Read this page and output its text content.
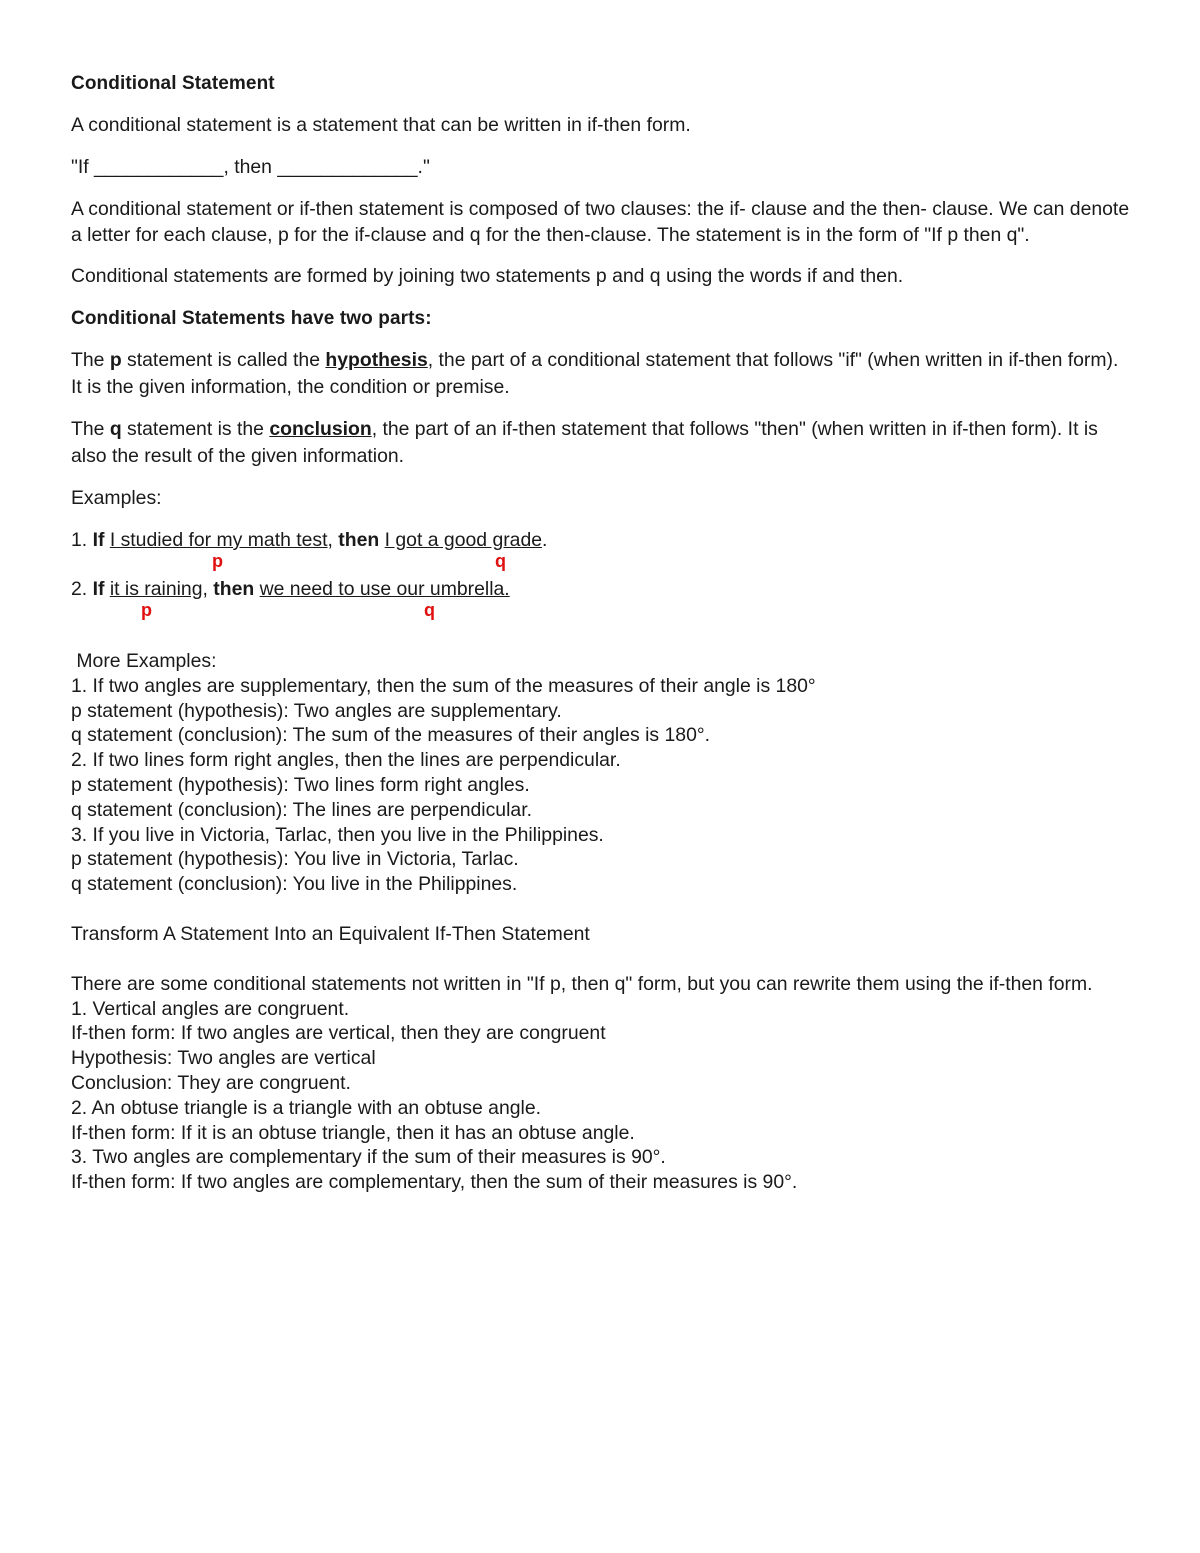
Conditional Statement

A conditional statement is a statement that can be written in if-then form.

"If ____________, then _____________."

A conditional statement or if-then statement is composed of two clauses: the if- clause and the then- clause. We can denote a letter for each clause, p for the if-clause and q for the then-clause. The statement is in the form of "If p then q".

Conditional statements are formed by joining two statements p and q using the words if and then.

Conditional Statements have two parts:

The p statement is called the hypothesis, the part of a conditional statement that follows "if" (when written in if-then form). It is the given information, the condition or premise.

The q statement is the conclusion, the part of an if-then statement that follows "then" (when written in if-then form). It is also the result of the given information.

Examples:

1. If I studied for my math test, then I got a good grade.

p	q

2. If it is raining, then we need to use our umbrella.

p	q

More Examples:

1. If two angles are supplementary, then the sum of the measures of their angle is 180°

p statement (hypothesis): Two angles are supplementary.

q statement (conclusion): The sum of the measures of their angles is 180°.

2. If two lines form right angles, then the lines are perpendicular.

p statement (hypothesis): Two lines form right angles.

q statement (conclusion): The lines are perpendicular.

3. If you live in Victoria, Tarlac, then you live in the Philippines.

p statement (hypothesis): You live in Victoria, Tarlac.

q statement (conclusion): You live in the Philippines.

Transform A Statement Into an Equivalent If-Then Statement

There are some conditional statements not written in "If p, then q" form, but you can rewrite them using the if-then form.

1. Vertical angles are congruent.

If-then form: If two angles are vertical, then they are congruent

Hypothesis: Two angles are vertical

Conclusion: They are congruent.

2. An obtuse triangle is a triangle with an obtuse angle.

If-then form: If it is an obtuse triangle, then it has an obtuse angle.

3. Two angles are complementary if the sum of their measures is 90°.

If-then form: If two angles are complementary, then the sum of their measures is 90°.
